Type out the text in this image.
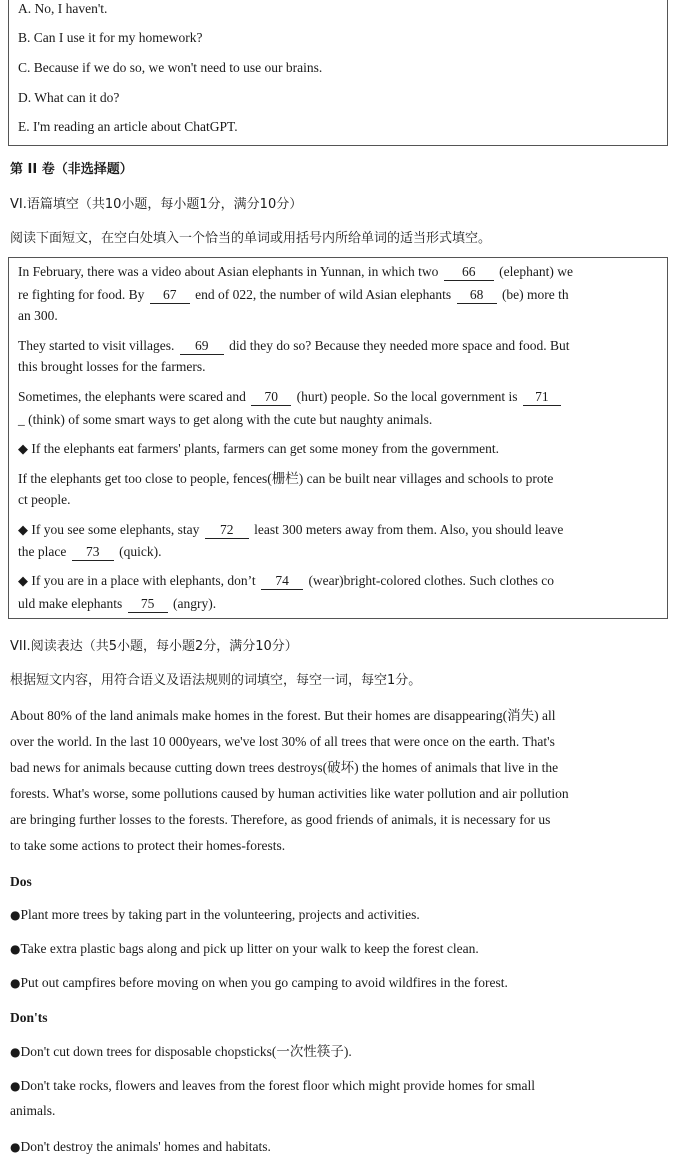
A. No, I haven't.
B. Can I use it for my homework?
C. Because if we do so, we won't need to use our brains.
D. What can it do?
E. I'm reading an article about ChatGPT.
第 II 卷（非选择题）
VI.语篇填空（共10小题，每小题1分，满分10分）
阅读下面短文，在空白处填入一个恰当的单词或用括号内所给单词的适当形式填空。
In February, there was a video about Asian elephants in Yunnan, in which two 66 (elephant) we
re fighting for food. By 67 end of 022, the number of wild Asian elephants 68 (be) more th
an 300.
They started to visit villages. 69 did they do so? Because they needed more space and food. But
this brought losses for the farmers.
Sometimes, the elephants were scared and 70 (hurt) people. So the local government is 71
_ (think) of some smart ways to get along with the cute but naughty animals.
◆ If the elephants eat farmers' plants, farmers can get some money from the government.
If the elephants get too close to people, fences(栅栏) can be built near villages and schools to prote
ct people.
◆ If you see some elephants, stay 72 least 300 meters away from them. Also, you should leave
the place 73 (quick).
◆ If you are in a place with elephants, don’t 74 (wear)bright-colored clothes. Such clothes co
uld make elephants 75 (angry).
VII.阅读表达（共5小题，每小题2分，满分10分）
根据短文内容，用符合语义及语法规则的词填空，每空一词，每空1分。
About 80% of the land animals make homes in the forest. But their homes are disappearing(消失) all
over the world. In the last 10 000years, we've lost 30% of all trees that were once on the earth. That's
bad news for animals because cutting down trees destroys(破坏) the homes of animals that live in the
forests. What's worse, some pollutions caused by human activities like water pollution and air pollution
are bringing further losses to the forests. Therefore, as good friends of animals, it is necessary for us
to take some actions to protect their homes-forests.
Dos
●Plant more trees by taking part in the volunteering, projects and activities.
●Take extra plastic bags along and pick up litter on your walk to keep the forest clean.
●Put out campfires before moving on when you go camping to avoid wildfires in the forest.
Don'ts
●Don't cut down trees for disposable chopsticks(一次性筷子).
●Don't take rocks, flowers and leaves from the forest floor which might provide homes for small
animals.
●Don't destroy the animals' homes and habitats.
